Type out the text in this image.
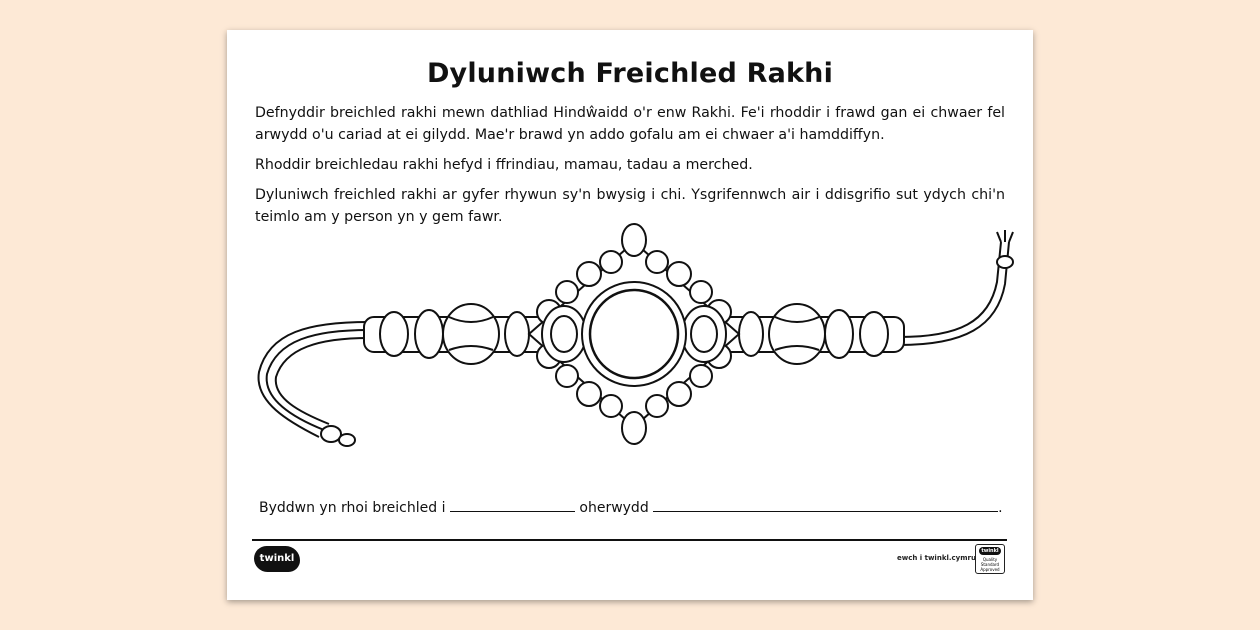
Dyluniwch Freichled Rakhi

Defnyddir breichled rakhi mewn dathliad Hindŵaidd o'r enw Rakhi. Fe'i rhoddir i frawd gan ei chwaer fel arwydd o'u cariad at ei gilydd. Mae'r brawd yn addo gofalu am ei chwaer a'i hamddiffyn.

Rhoddir breichledau rakhi hefyd i ffrindiau, mamau, tadau a merched.

Dyluniwch freichled rakhi ar gyfer rhywun sy'n bwysig i chi. Ysgrifennwch air i ddisgrifio sut ydych chi'n teimlo am y person yn y gem fawr.

Byddwn yn rhoi breichled i	oherwydd	.
twinkl	ewch i twinkl.cymru
twinkl
Quality Standard Approved
